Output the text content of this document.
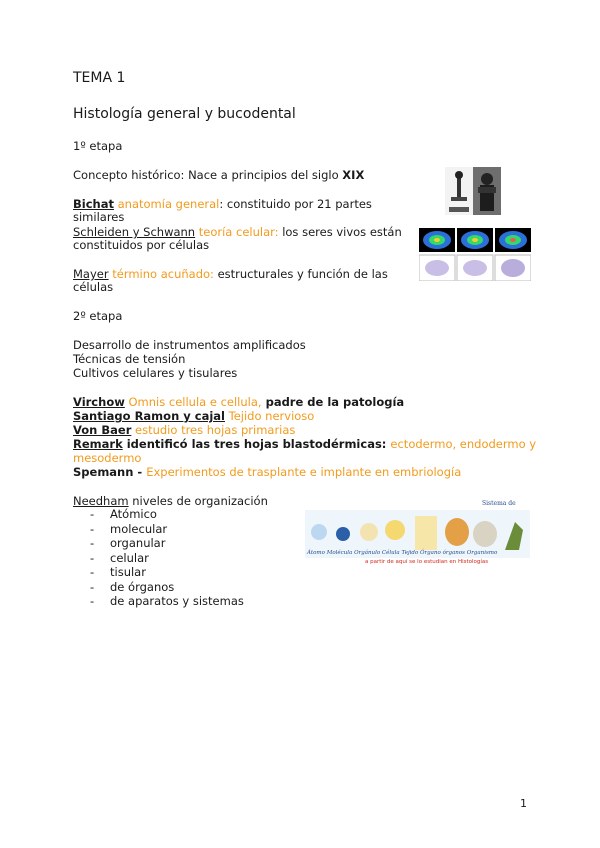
TEMA 1
Histología general y bucodental
1º etapa
Concepto histórico: Nace a principios del siglo XIX
Bichat anatomía general: constituido por 21 partes
similares
Schleiden y Schwann teoría celular: los seres vivos están
constituidos por células
Mayer término acuñado: estructurales y función de las
células
2º etapa
Desarrollo de instrumentos amplificados
Técnicas de tensión
Cultivos celulares y tisulares
Virchow Omnis cellula e cellula, padre de la patología
Santiago Ramon y cajal Tejido nervioso
Von Baer estudio tres hojas primarias
Remark identificó las tres hojas blastodérmicas: ectodermo, endodermo y
mesodermo
Spemann - Experimentos de trasplante e implante en embriología
Needham niveles de organización
- Atómico
- molecular
- organular
- celular
- tisular
- de órganos
- de aparatos y sistemas
Sistema de
Átomo Molécula Orgánulo Célula Tejido Órgano órganos Organismo
a partir de aquí se lo estudian en Histologías
1
